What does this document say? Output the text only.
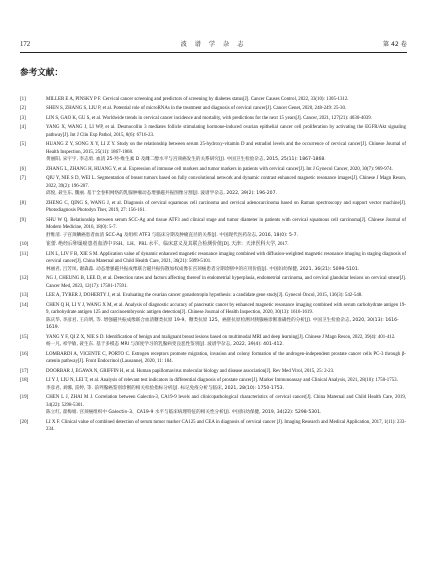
172	波 谱 学 杂 志	第 42 卷
参考文献：
[1]	MILLER E A, PINSKY P F. Cervical cancer screening and predictors of screening by diabetes status[J]. Cancer Causes Control, 2022, 33(10): 1305-1312.
[2]	SHEN S, ZHANG S, LIU P, et al. Potential role of microRNAs in the treatment and diagnosis of cervical cancer[J]. Cancer Genet, 2020, 248-249: 25-30.
[3]	LIN S, GAO K, GU S, et al. Worldwide trends in cervical cancer incidence and mortality, with predictions for the next 15 years[J]. Cancer, 2021, 127(21): 4030-4039.
[4]	YANG X, WANG J, LI WP, et al. Desmocollin 3 mediates follicle stimulating hormone-induced ovarian epithelial cancer cell proliferation by activating the EGFR/Akt signaling pathway[J]. Int J Clin Exp Pathol, 2015, 8(6): 6716-23.
[5]	HUANG Z Y, SONG X Y, LI Z Y. Study on the relationship between serum 25-hydroxy-vitamin D and estradiol levels and the occurrence of cervical cancer[J]. Chinese Journal of Health Inspection, 2015, 25(11): 1867-1868.
黄丽阳, 宋宇宇, 李志勇. 血清 25-羟-维生素 D 及雌二醇水平与宫颈癌发生的关系研究[J]. 中国卫生检验杂志, 2015, 25(11): 1867-1868.
[6]	ZHANG L, ZHANG H, HUANG Y, et al. Expression of immune cell markers and tumor markers in patients with cervical cancer[J]. Int J Gynecol Cancer, 2020, 30(7): 969-974.
[7]	QIU Y, NIE S D, WEI L. Segmentation of breast tumors based on fully convolutional network and dynamic contrast enhanced magnetic resonance images[J]. Chinese J Magn Reson, 2022, 39(2): 196-207.
邱悦, 聂生东, 魏丽. 基于全卷积网络的乳腺肿瘤动态增强磁共振图像分割[J]. 波谱学杂志, 2022, 39(2): 196-207.
[8]	ZHENG C, QING S, WANG J, et al. Diagnosis of cervical squamous cell carcinoma and cervical adenocarcinoma based on Raman spectroscopy and support vector machine[J]. Photodiagnosis Photodyn Ther, 2019, 27: 156-161.
[9]	SHU W Q. Relationship between serum SCC-Ag and tissue ATF3 and clinical stage and tumor diameter in patients with cervical squamous cell carcinoma[J]. Chinese Journal of Modern Medicine, 2016, 18(0): 5-7.
舒维清. 子宫颈鳞癌患者血清 SCC-Ag 及组织 ATF3 与临床分期及肿瘤直径的关系[J]. 中国现代医药杂志, 2016, 18(0): 5-7.
[10]	崔蕾. 绝经后卵巢癌患者血清中 FSH、LH、PRL 水平、临床意义及其联合检测价值[D]. 天津：天津医科大学, 2017.
[11]	LIN L, LIV F B, XIE S M. Application value of dynamic enhanced magnetic resonance imaging combined with diffusion-weighted magnetic resonance imaging in staging diagnosis of cervical cancer[J]. China Maternal and Child Health Care, 2021, 36(21): 5099-5101.
林丽君, 吕芳凤, 谢森淼. 动态增强磁共振成像联合磁共振弥散加权成像在宫颈癌患者分期诊断中的应用价值[J]. 中国妇幼保健, 2021, 36(21): 5099-5101.
[12]	NG J, CHEUNG B, LEE D, et al. Detection rates and factors affecting thereof in endometrial hyperplasia, endometrial carcinoma, and cervical glandular lesions on cervical smear[J]. Cancer Med, 2023, 12(17): 17581-17591.
[13]	LEE A, TYRER J, DOHERTY J, et al. Evaluating the ovarian cancer gonadotropin hypothesis: a candidate gene study[J]. Gynecol Oncol, 2015, 136(3): 542-548.
[14]	CHEN Q H, LI Y J, WANG X M, et al. Analysis of diagnostic accuracy of pancreatic cancer by enhanced magnetic resonance imaging combined with serum carbohydrate antigen 19-9, carbohydrate antigen 125 and carcinoembryonic antigen detection[J]. Chinese Journal of Health Inspection, 2020, 30(13): 1616-1619.
陈庆华, 李彦君, 王向明, 等. 增强磁共振成像联合血清糖类抗原 19-9、糖类抗原 125、癌胚抗原检测对胰腺癌诊断准确性的分析[J]. 中国卫生检验杂志, 2020, 30(13): 1616-1619.
[15]	YANG Y F, QI Z X, NIE S D. Identification of benign and malignant breast lesions based on multimodal MRI and deep learning[J]. Chinese J Magn Reson, 2022, 39(4): 401-412.
杨一凡, 祁学敏, 聂生东. 基于多模态 MRI 与深度学习的乳腺病变良恶性鉴别[J]. 波谱学杂志, 2022, 39(4): 401-412.
[16]	LOMBARDI A, VICENTE C, PORTO C. Estrogen receptors promote migration, invasion and colony formation of the androgen-independent prostate cancer cells PC-3 through β-catenin pathway[J]. Front Endocrinol (Lausanne), 2020, 11: 184.
[17]	DOORBAR J, EGAWA N, GRIFFIN H, et al. Human papillomavirus molecular biology and disease association[J]. Rev Med Virol, 2015, 25: 2-23.
[18]	LI Y J, LIU N, LEI T, et al. Analysis of relevant test indicators in differential diagnosis of prostate cancer[J]. Marker Immunoassay and Clinical Analysis, 2021, 28(10): 1750-1753.
李彦君, 刘娜, 雷婷, 等. 前列腺癌鉴别诊断的相关检验指标分析[J]. 标记免疫分析与临床, 2021, 28(10): 1750-1753.
[19]	CHEN L J, ZHAI M J. Correlation between Galectin-3, CA19-9 levels and clinicopathological characteristics of cervical cancer[J]. China Maternal and Child Health Care, 2019, 34(22): 5298-5301.
陈立红, 翟梅娟. 宫颈癌组织中 Galectin-3、CA19-9 水平与临床病理特征的相关性分析[J]. 中国妇幼保健, 2019, 34(22): 5298-5301.
[20]	LI X F. Clinical value of combined detection of serum tumor marker CA125 and CEA in diagnosis of cervical cancer [J]. Imaging Research and Medical Application, 2017, 1(11): 233-234.
